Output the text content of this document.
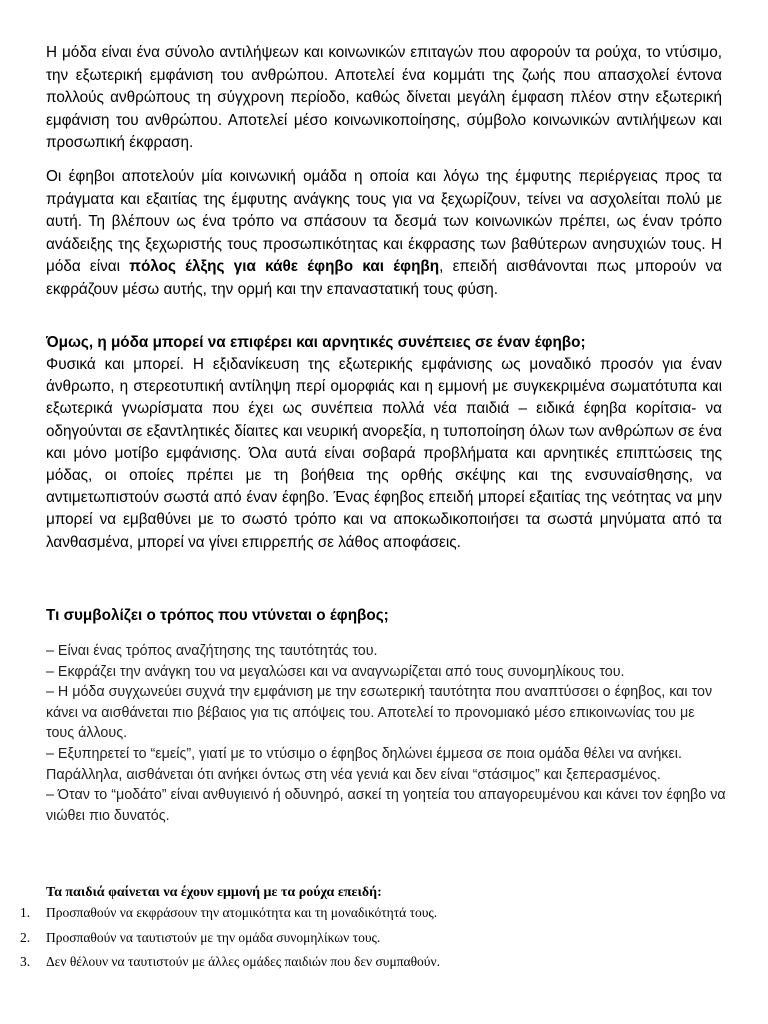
Η μόδα είναι ένα σύνολο αντιλήψεων και κοινωνικών επιταγών που αφορούν τα ρούχα, το ντύσιμο, την εξωτερική εμφάνιση του ανθρώπου. Αποτελεί ένα κομμάτι της ζωής που απασχολεί έντονα πολλούς ανθρώπους τη σύγχρονη περίοδο, καθώς δίνεται μεγάλη έμφαση πλέον στην εξωτερική εμφάνιση του ανθρώπου. Αποτελεί μέσο κοινωνικοποίησης, σύμβολο κοινωνικών αντιλήψεων και προσωπική έκφραση.

Οι έφηβοι αποτελούν μία κοινωνική ομάδα η οποία και λόγω της έμφυτης περιέργειας προς τα πράγματα και εξαιτίας της έμφυτης ανάγκης τους για να ξεχωρίζουν, τείνει να ασχολείται πολύ με αυτή. Τη βλέπουν ως ένα τρόπο να σπάσουν τα δεσμά των κοινωνικών πρέπει, ως έναν τρόπο ανάδειξης της ξεχωριστής τους προσωπικότητας και έκφρασης των βαθύτερων ανησυχιών τους. Η μόδα είναι πόλος έλξης για κάθε έφηβο και έφηβη, επειδή αισθάνονται πως μπορούν να εκφράζουν μέσω αυτής, την ορμή και την επαναστατική τους φύση.

Όμως, η μόδα μπορεί να επιφέρει και αρνητικές συνέπειες σε έναν έφηβο;

Φυσικά και μπορεί. Η εξιδανίκευση της εξωτερικής εμφάνισης ως μοναδικό προσόν για έναν άνθρωπο, η στερεοτυπική αντίληψη περί ομορφιάς και η εμμονή με συγκεκριμένα σωματότυπα και εξωτερικά γνωρίσματα που έχει ως συνέπεια πολλά νέα παιδιά – ειδικά έφηβα κορίτσια- να οδηγούνται σε εξαντλητικές δίαιτες και νευρική ανορεξία, η τυποποίηση όλων των ανθρώπων σε ένα και μόνο μοτίβο εμφάνισης. Όλα αυτά είναι σοβαρά προβλήματα και αρνητικές επιπτώσεις της μόδας, οι οποίες πρέπει με τη βοήθεια της ορθής σκέψης και της ενσυναίσθησης, να αντιμετωπιστούν σωστά από έναν έφηβο. Ένας έφηβος επειδή μπορεί εξαιτίας της νεότητας να μην μπορεί να εμβαθύνει με το σωστό τρόπο και να αποκωδικοποιήσει τα σωστά μηνύματα από τα λανθασμένα, μπορεί να γίνει επιρρεπής σε λάθος αποφάσεις.

Τι συμβολίζει ο τρόπος που ντύνεται ο έφηβος;

– Είναι ένας τρόπος αναζήτησης της ταυτότητάς του.

– Εκφράζει την ανάγκη του να μεγαλώσει και να αναγνωρίζεται από τους συνομηλίκους του.

– Η μόδα συγχωνεύει συχνά την εμφάνιση με την εσωτερική ταυτότητα που αναπτύσσει ο έφηβος, και τον κάνει να αισθάνεται πιο βέβαιος για τις απόψεις του. Αποτελεί το προνομιακό μέσο επικοινωνίας του με τους άλλους.

– Εξυπηρετεί το “εμείς”, γιατί με το ντύσιμο ο έφηβος δηλώνει έμμεσα σε ποια ομάδα θέλει να ανήκει. Παράλληλα, αισθάνεται ότι ανήκει όντως στη νέα γενιά και δεν είναι “στάσιμος” και ξεπερασμένος.

– Όταν το “μοδάτο” είναι ανθυγιεινό ή οδυνηρό, ασκεί τη γοητεία του απαγορευμένου και κάνει τον έφηβο να νιώθει πιο δυνατός.

Τα παιδιά φαίνεται να έχουν εμμονή με τα ρούχα επειδή:
1. Προσπαθούν να εκφράσουν την ατομικότητα και τη μοναδικότητά τους.
2. Προσπαθούν να ταυτιστούν με την ομάδα συνομηλίκων τους.
3. Δεν θέλουν να ταυτιστούν με άλλες ομάδες παιδιών που δεν συμπαθούν.
